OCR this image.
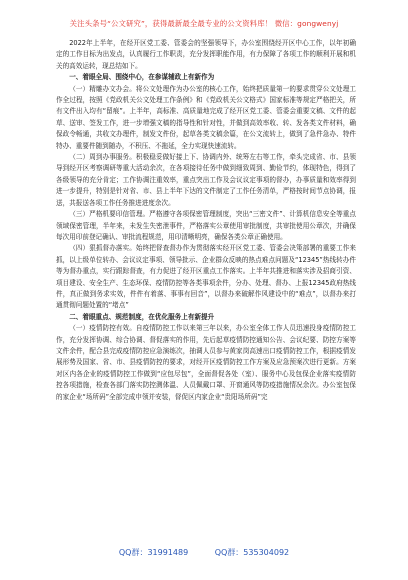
关注头条号“公文研究”，获得最新最全最专业的公文资料库！ 微信：gongwenyj

2022年上半年，在经开区党工委、管委会的坚强领导下，办公室围绕经开区中心工作，以年初确定的工作目标为出发点，认真履行工作职责，充分发挥职能作用，有力保障了各项工作的顺利开展和机关的高效运转，现总结如下。

一、着眼全局、围绕中心，在参谋辅政上有新作为

（一）精雕办文办会。将公文处理作为办公室的核心工作，始终把质量第一的要求贯穿公文处理工作全过程，按照《党政机关公文处理工作条例》和《党政机关公文格式》国家标准等规定严格把关，所有文件出入均有“留痕”。上半年，高标准、高质量地完成了经开区党工委、管委会重要文稿、文件的起草、送审、签发工作，进一步增强文稿的指导性和针对性，并做到高效率收、转、发各类文件材料，确保政令畅通，共收文办理件，制发文件份，起草各类文稿余篇，在公文流转上，做到了急件急办、特件特办、重要件随到随办，不积压、不拖延，全力实现快速流转。

（二）周到办事服务。积极稳妥做好接上下、协调内外、统筹左右等工作，牵头完成省、市、县领导到经开区考察调研等重大活动余次，在各项接待任务中做到细致周到、勤俭节约，体现特色，得到了各级领导的充分肯定；工作协调注重效率，重点突出工作及会议议定事项的督办，办事质量和效率得到进一步提升，特别是针对省、市、县上半年下达的文件制定了工作任务清单，严格按时间节点协调，报送，共报送各项工作任务推进进度余次。

（三）严格机要印信管理。严格遵守各项保密管理制度，突出“三密文件”、计算机信息安全等重点领域保密管理，半年来，未发生失密泄事件，严格落实公章使用审批制度，共审批使用公章次，并确保每次用印前登记确认、审批流程规范，用印清晰明亮，确保各类公章正确使用。

（四）狠抓督办落实。始终把督查督办作为贯彻落实经开区党工委、管委会决策部署的重要工作来抓，以上级单位转办、会议议定事项、领导批示、企业群众反映的热点难点问题及“12345”热线转办件等为督办重点，实行跟踪督查，有力促进了经开区重点工作落实。上半年共推进和落实涉及招商引资、项目建设、安全生产、生态环保、疫情防控等各类事项余件，分办、处理、督办、上报12345政府热线件，真正做到务求实效，件件有着落、事事有回音”，以督办来破解作风建设中的“难点”，以督办来打通贯彻问题处置的“堵点”

二、着眼重点、规范制度，在优化服务上有新提升

（一）疫情防控有效。自疫情防控工作以来第三年以来，办公室全体工作人员迅速投身疫情防控工作，充分发挥协调、综合协调、督促落实的作用，先后起草疫情防控通知公告、会议纪要、防控方案等文件余件，配合县完成疫情防控应急演练次，抽调人员参与黄家岗高速出口疫情防控工作，根据疫情发展形势及国家、省、市、县疫情防控的要求，对经开区疫情防控工作方案及应急预案次进行更新。方案对区内各企业的疫情防控工作做到“应包尽包”，全面督促各处（室）、服务中心及包保企业落实疫情防控各项措施，检查各部门落实防控测体温、人员佩戴口罩、开窗通风等防疫措施情况余次。办公室包保的家企业“场所码”全部完成申领并安装，督促区内家企业“贵阳场所码”完

QQ群：31991489	QQ群：535304092
